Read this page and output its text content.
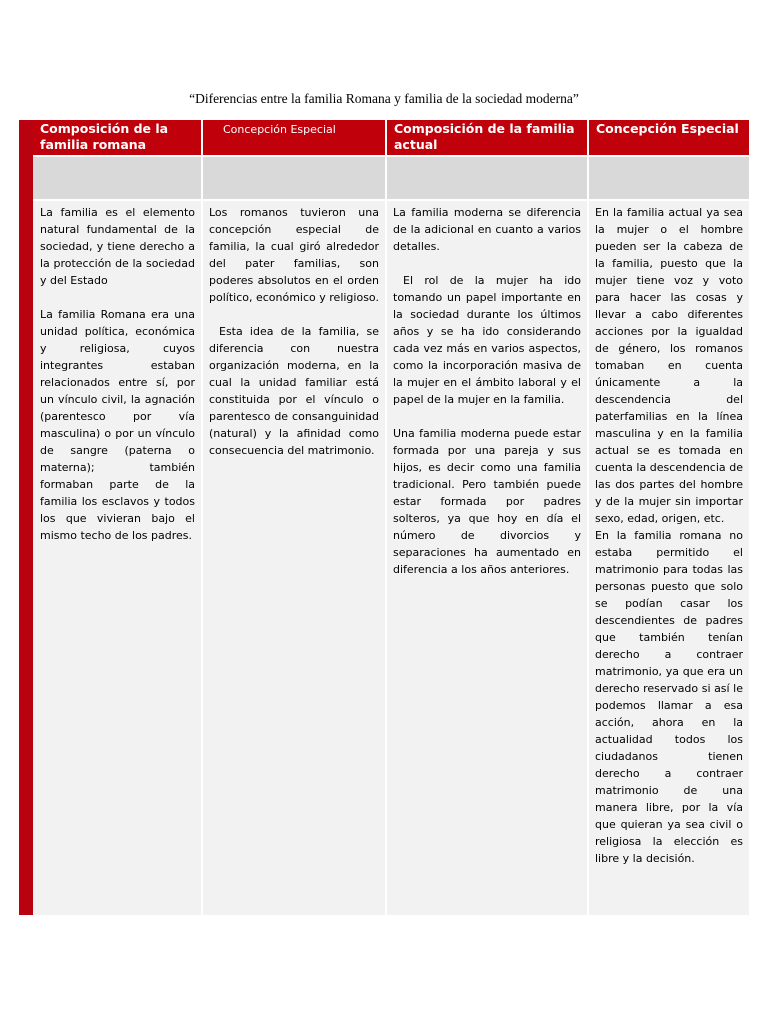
“Diferencias entre la familia Romana y familia de la sociedad moderna”
Composición de la familia romana
Concepción Especial	Composición de la familia actual
Concepción Especial

La familia es el elemento natural fundamental de la sociedad, y tiene derecho a la protección de la sociedad y del Estado

La familia Romana era una unidad política, económica y religiosa, cuyos integrantes estaban relacionados entre sí, por un vínculo civil, la agnación (parentesco por vía masculina) o por un vínculo de sangre (paterna o materna); también formaban parte de la familia los esclavos y todos los que vivieran bajo el mismo techo de los padres.

Los romanos tuvieron una concepción especial de familia, la cual giró alrededor del pater familias, son poderes absolutos en el orden político, económico y religioso.

Esta idea de la familia, se diferencia con nuestra organización moderna, en la cual la unidad familiar está constituida por el vínculo o parentesco de consanguinidad (natural) y la afinidad como consecuencia del matrimonio.

La familia moderna se diferencia de la adicional en cuanto a varios detalles.

El rol de la mujer ha ido tomando un papel importante en la sociedad durante los últimos años y se ha ido considerando cada vez más en varios aspectos, como la incorporación masiva de la mujer en el ámbito laboral y el papel de la mujer en la familia.

Una familia moderna puede estar formada por una pareja y sus hijos, es decir como una familia tradicional. Pero también puede estar formada por padres solteros, ya que hoy en día el número de divorcios y separaciones ha aumentado en diferencia a los años anteriores.

En la familia actual ya sea la mujer o el hombre pueden ser la cabeza de la familia, puesto que la mujer tiene voz y voto para hacer las cosas y llevar a cabo diferentes acciones por la igualdad de género, los romanos tomaban en cuenta únicamente a la descendencia del paterfamilias en la línea masculina y en la familia actual se es tomada en cuenta la descendencia de las dos partes del hombre y de la mujer sin importar sexo, edad, origen, etc.

En la familia romana no estaba permitido el matrimonio para todas las personas puesto que solo se podían casar los descendientes de padres que también tenían derecho a contraer matrimonio, ya que era un derecho reservado si así le podemos llamar a esa acción, ahora en la actualidad todos los ciudadanos tienen derecho a contraer matrimonio de una manera libre, por la vía que quieran ya sea civil o religiosa la elección es libre y la decisión.
